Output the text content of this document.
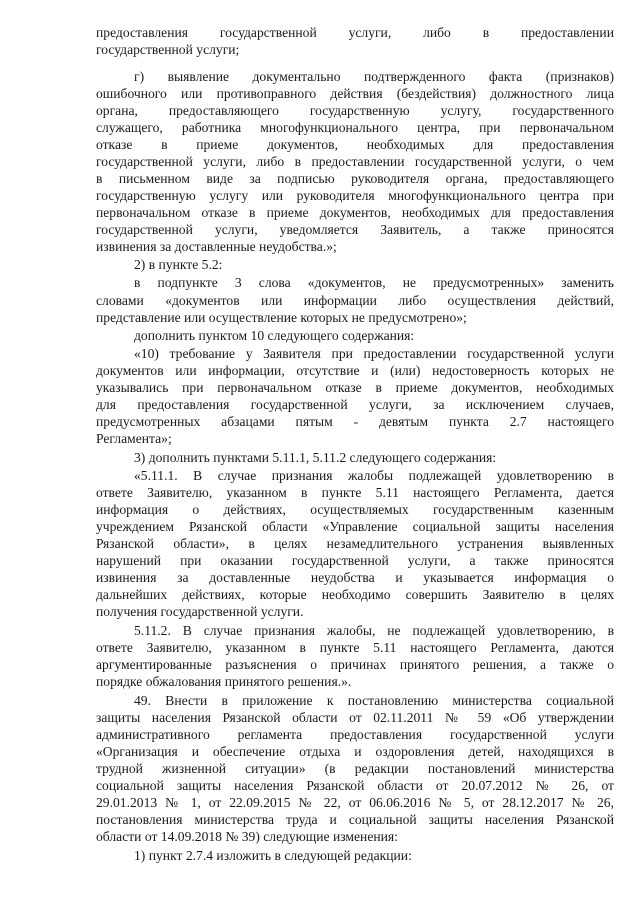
предоставления государственной услуги, либо в предоставлении
государственной услуги;
г) выявление документально подтвержденного факта (признаков)
ошибочного или противоправного действия (бездействия) должностного лица
органа, предоставляющего государственную услугу, государственного
служащего, работника многофункционального центра, при первоначальном
отказе в приеме документов, необходимых для предоставления
государственной услуги, либо в предоставлении государственной услуги, о чем
в письменном виде за подписью руководителя органа, предоставляющего
государственную услугу или руководителя многофункционального центра при
первоначальном отказе в приеме документов, необходимых для предоставления
государственной услуги, уведомляется Заявитель, а также приносятся
извинения за доставленные неудобства.»;
2) в пункте 5.2:
в подпункте 3 слова «документов, не предусмотренных» заменить
словами «документов или информации либо осуществления действий,
представление или осуществление которых не предусмотрено»;
дополнить пунктом 10 следующего содержания:
«10) требование у Заявителя при предоставлении государственной услуги
документов или информации, отсутствие и (или) недостоверность которых не
указывались при первоначальном отказе в приеме документов, необходимых
для предоставления государственной услуги, за исключением случаев,
предусмотренных абзацами пятым - девятым пункта 2.7 настоящего
Регламента»;
3) дополнить пунктами 5.11.1, 5.11.2 следующего содержания:
«5.11.1. В случае признания жалобы подлежащей удовлетворению в
ответе Заявителю, указанном в пункте 5.11 настоящего Регламента, дается
информация о действиях, осуществляемых государственным казенным
учреждением Рязанской области «Управление социальной защиты населения
Рязанской области», в целях незамедлительного устранения выявленных
нарушений при оказании государственной услуги, а также приносятся
извинения за доставленные неудобства и указывается информация о
дальнейших действиях, которые необходимо совершить Заявителю в целях
получения государственной услуги.
5.11.2. В случае признания жалобы, не подлежащей удовлетворению, в
ответе Заявителю, указанном в пункте 5.11 настоящего Регламента, даются
аргументированные разъяснения о причинах принятого решения, а также о
порядке обжалования принятого решения.».
49. Внести в приложение к постановлению министерства социальной
защиты населения Рязанской области от 02.11.2011 № 59 «Об утверждении
административного регламента предоставления государственной услуги
«Организация и обеспечение отдыха и оздоровления детей, находящихся в
трудной жизненной ситуации» (в редакции постановлений министерства
социальной защиты населения Рязанской области от 20.07.2012 № 26, от
29.01.2013 № 1, от 22.09.2015 № 22, от 06.06.2016 № 5, от 28.12.2017 № 26,
постановления министерства труда и социальной защиты населения Рязанской
области от 14.09.2018 № 39) следующие изменения:
1) пункт 2.7.4 изложить в следующей редакции:
